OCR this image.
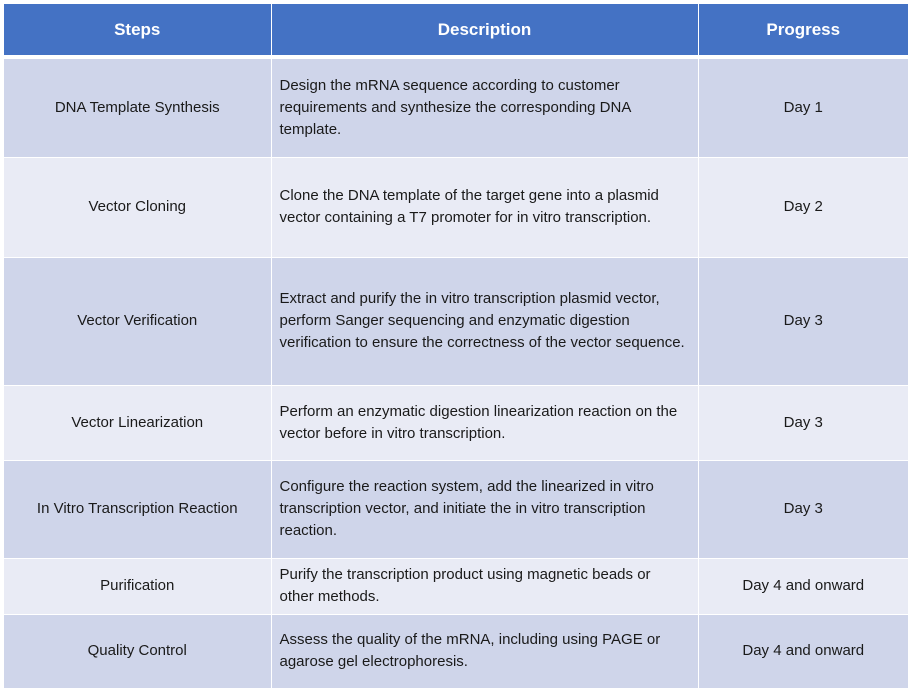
Steps	Description	Progress
DNA Template Synthesis	Design the mRNA sequence according to customer requirements and synthesize the corresponding DNA template.	Day 1
Vector Cloning	Clone the DNA template of the target gene into a plasmid vector containing a T7 promoter for in vitro transcription.	Day 2
Vector Verification	Extract and purify the in vitro transcription plasmid vector, perform Sanger sequencing and enzymatic digestion verification to ensure the correctness of the vector sequence.	Day 3
Vector Linearization	Perform an enzymatic digestion linearization reaction on the vector before in vitro transcription.	Day 3
In Vitro Transcription Reaction	Configure the reaction system, add the linearized in vitro transcription vector, and initiate the in vitro transcription reaction.	Day 3
Purification	Purify the transcription product using magnetic beads or other methods.	Day 4 and onward
Quality Control	Assess the quality of the mRNA, including using PAGE or agarose gel electrophoresis.	Day 4 and onward
